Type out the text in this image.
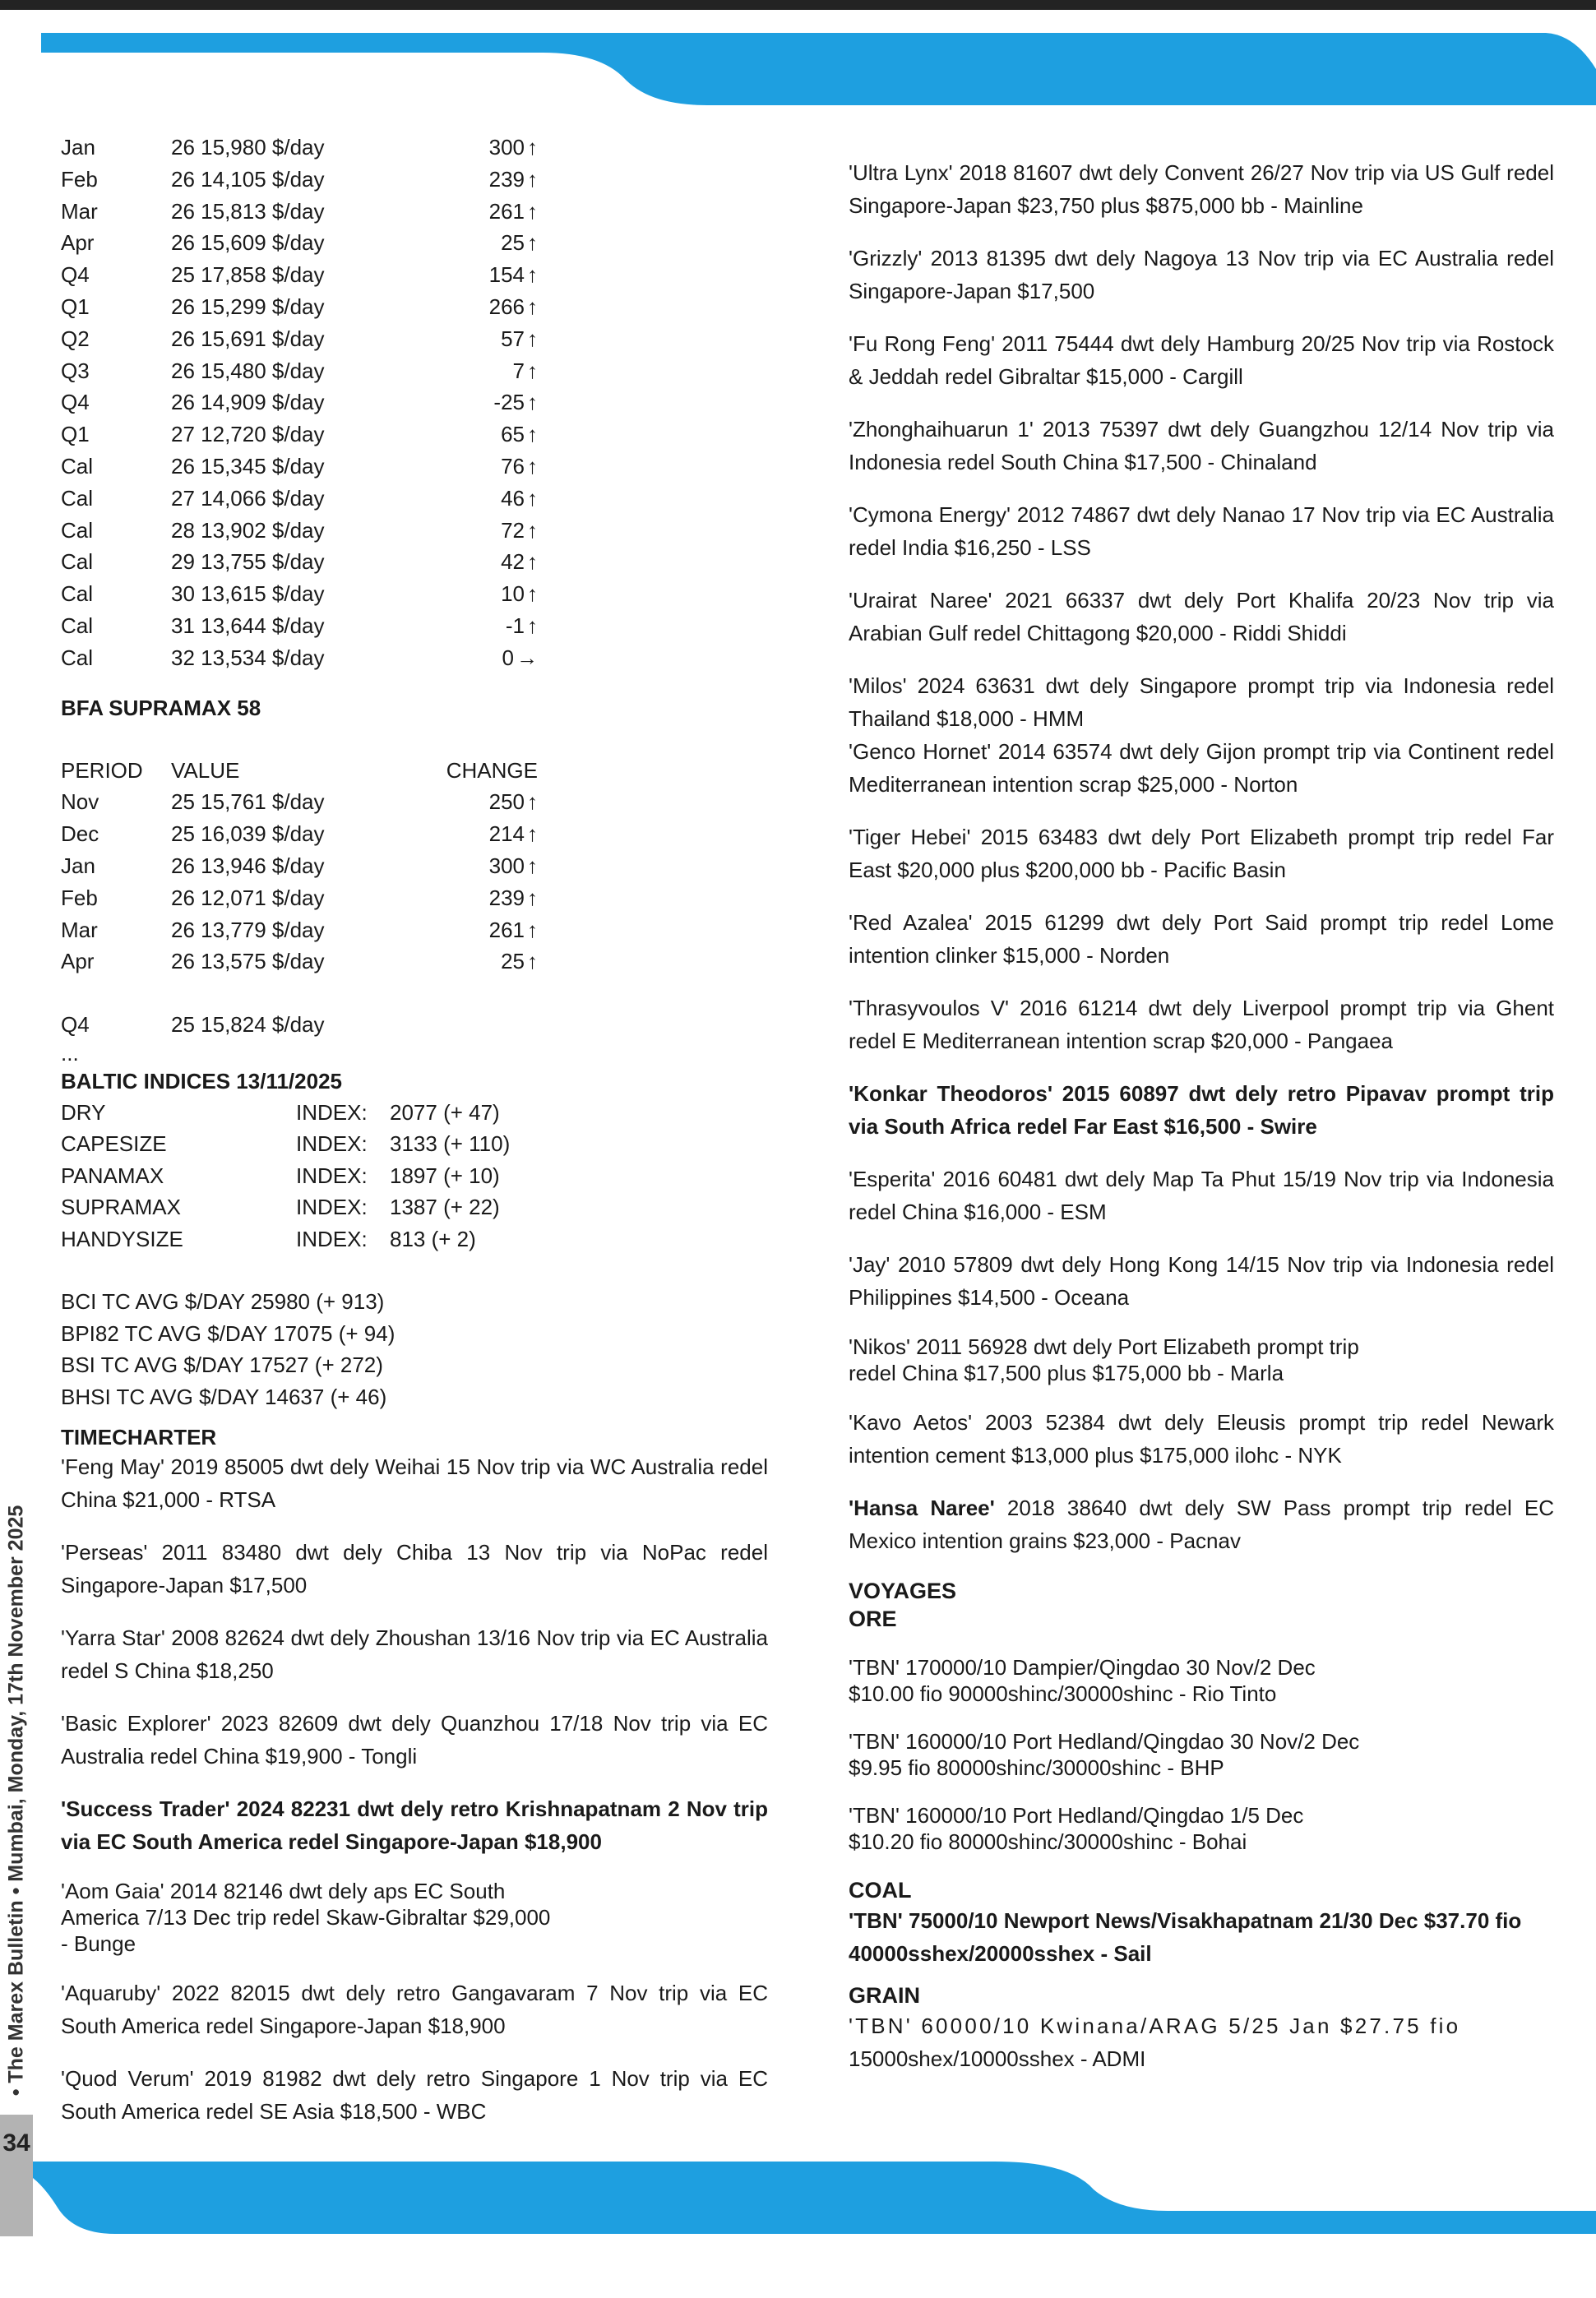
• The Marex Bulletin • Mumbai, Monday, 17th November 2025
34
Jan	26 15,980 $/day	300 ↑
Feb	26 14,105 $/day	239 ↑
Mar	26 15,813 $/day	261 ↑
Apr	26 15,609 $/day	25 ↑
Q4	25 17,858 $/day	154 ↑
Q1	26 15,299 $/day	266 ↑
Q2	26 15,691 $/day	57 ↑
Q3	26 15,480 $/day	7 ↑
Q4	26 14,909 $/day	-25 ↑
Q1	27 12,720 $/day	65 ↑
Cal	26 15,345 $/day	76 ↑
Cal	27 14,066 $/day	46 ↑
Cal	28 13,902 $/day	72 ↑
Cal	29 13,755 $/day	42 ↑
Cal	30 13,615 $/day	10 ↑
Cal	31 13,644 $/day	-1 ↑
Cal	32 13,534 $/day	0 →
BFA SUPRAMAX 58
PERIOD VALUE	CHANGE
Nov	25 15,761 $/day	250 ↑
Dec	25 16,039 $/day	214 ↑
Jan	26 13,946 $/day	300 ↑
Feb	26 12,071 $/day	239 ↑
Mar	26 13,779 $/day	261 ↑
Apr	26 13,575 $/day	25 ↑
Q4	25 15,824 $/day
...
BALTIC INDICES 13/11/2025
DRY	INDEX: 2077 (+ 47)
CAPESIZE	INDEX: 3133 (+ 110)
PANAMAX	INDEX: 1897 (+ 10)
SUPRAMAX	INDEX: 1387 (+ 22)
HANDYSIZE	INDEX: 813 (+ 2)
BCI TC AVG $/DAY 25980 (+ 913)
BPI82 TC AVG $/DAY 17075 (+ 94)
BSI TC AVG $/DAY 17527 (+ 272)
BHSI TC AVG $/DAY 14637 (+ 46)
TIMECHARTER
'Feng May' 2019 85005 dwt dely Weihai 15 Nov trip via WC Australia redel China $21,000 - RTSA
'Perseas' 2011 83480 dwt dely Chiba 13 Nov trip via NoPac redel Singapore-Japan $17,500
'Yarra Star' 2008 82624 dwt dely Zhoushan 13/16 Nov trip via EC Australia redel S China $18,250
'Basic Explorer' 2023 82609 dwt dely Quanzhou 17/18 Nov trip via EC Australia redel China $19,900 - Tongli
'Success Trader' 2024 82231 dwt dely retro Krishnapatnam 2 Nov trip via EC South America redel Singapore-Japan $18,900
'Aom Gaia' 2014 82146 dwt dely aps EC South America 7/13 Dec trip redel Skaw-Gibraltar $29,000 - Bunge
'Aquaruby' 2022 82015 dwt dely retro Gangavaram 7 Nov trip via EC South America redel Singapore-Japan $18,900
'Quod Verum' 2019 81982 dwt dely retro Singapore 1 Nov trip via EC South America redel SE Asia $18,500 - WBC
'Ultra Lynx' 2018 81607 dwt dely Convent 26/27 Nov trip via US Gulf redel Singapore-Japan $23,750 plus $875,000 bb - Mainline
'Grizzly' 2013 81395 dwt dely Nagoya 13 Nov trip via EC Australia redel Singapore-Japan $17,500
'Fu Rong Feng' 2011 75444 dwt dely Hamburg 20/25 Nov trip via Rostock & Jeddah redel Gibraltar $15,000 - Cargill
'Zhonghaihuarun 1' 2013 75397 dwt dely Guangzhou 12/14 Nov trip via Indonesia redel South China $17,500 - Chinaland
'Cymona Energy' 2012 74867 dwt dely Nanao 17 Nov trip via EC Australia redel India $16,250 - LSS
'Urairat Naree' 2021 66337 dwt dely Port Khalifa 20/23 Nov trip via Arabian Gulf redel Chittagong $20,000 - Riddi Shiddi
'Milos' 2024 63631 dwt dely Singapore prompt trip via Indonesia redel Thailand $18,000 - HMM
'Genco Hornet' 2014 63574 dwt dely Gijon prompt trip via Continent redel Mediterranean intention scrap $25,000 - Norton
'Tiger Hebei' 2015 63483 dwt dely Port Elizabeth prompt trip redel Far East $20,000 plus $200,000 bb - Pacific Basin
'Red Azalea' 2015 61299 dwt dely Port Said prompt trip redel Lome intention clinker $15,000 - Norden
'Thrasyvoulos V' 2016 61214 dwt dely Liverpool prompt trip via Ghent redel E Mediterranean intention scrap $20,000 - Pangaea
'Konkar Theodoros' 2015 60897 dwt dely retro Pipavav prompt trip via South Africa redel Far East $16,500 - Swire
'Esperita' 2016 60481 dwt dely Map Ta Phut 15/19 Nov trip via Indonesia redel China $16,000 - ESM
'Jay' 2010 57809 dwt dely Hong Kong 14/15 Nov trip via Indonesia redel Philippines $14,500 - Oceana
'Nikos' 2011 56928 dwt dely Port Elizabeth prompt trip redel China $17,500 plus $175,000 bb - Marla
'Kavo Aetos' 2003 52384 dwt dely Eleusis prompt trip redel Newark intention cement $13,000 plus $175,000 ilohc - NYK
'Hansa Naree' 2018 38640 dwt dely SW Pass prompt trip redel EC Mexico intention grains $23,000 - Pacnav
VOYAGES
ORE
'TBN' 170000/10 Dampier/Qingdao 30 Nov/2 Dec
$10.00 fio 90000shinc/30000shinc - Rio Tinto
'TBN' 160000/10 Port Hedland/Qingdao 30 Nov/2 Dec
$9.95 fio 80000shinc/30000shinc - BHP
'TBN' 160000/10 Port Hedland/Qingdao 1/5 Dec
$10.20 fio 80000shinc/30000shinc - Bohai
COAL
'TBN' 75000/10 Newport News/Visakhapatnam 21/30 Dec $37.70 fio 40000sshex/20000sshex - Sail
GRAIN
'TBN' 60000/10 Kwinana/ARAG 5/25 Jan $27.75 fio
15000shex/10000sshex - ADMI
